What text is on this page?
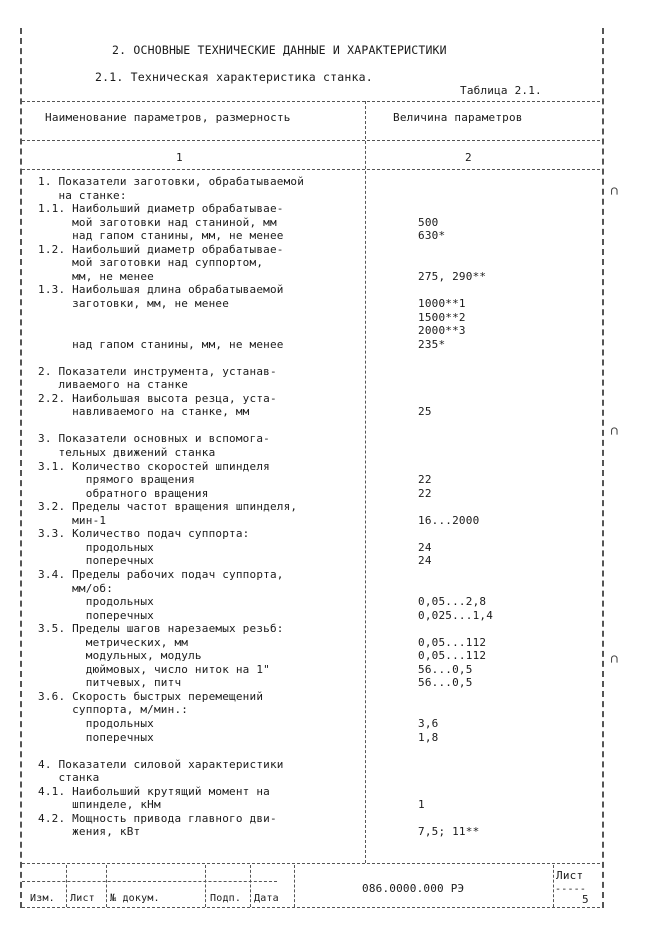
2. ОСНОВНЫЕ ТЕХНИЧЕСКИЕ ДАННЫЕ И ХАРАКТЕРИСТИКИ
2.1. Техническая характеристика станка.
Таблица 2.1.
Наименование параметров, размерность	Величина параметров
1	2
1. Показатели заготовки, обрабатываемой
на станке:
1.1. Наибольший диаметр обрабатывае-
мой заготовки над станиной, мм	500
над гапом станины, мм, не менее	630*
1.2. Наибольший диаметр обрабатывае-
мой заготовки над суппортом,
мм, не менее	275, 290**
1.3. Наибольшая длина обрабатываемой
заготовки, мм, не менее	1000**1
1500**2
2000**3
над гапом станины, мм, не менее	235*
2. Показатели инструмента, устанав-
ливаемого на станке
2.2. Наибольшая высота резца, уста-
навливаемого на станке, мм	25
3. Показатели основных и вспомога-
тельных движений станка
3.1. Количество скоростей шпинделя
прямого вращения	22
обратного вращения	22
3.2. Пределы частот вращения шпинделя,
мин-1	16...2000
3.3. Количество подач суппорта:
продольных	24
поперечных	24
3.4. Пределы рабочих подач суппорта,
мм/об:
продольных	0,05...2,8
поперечных	0,025...1,4
3.5. Пределы шагов нарезаемых резьб:
метрических, мм	0,05...112
модульных, модуль	0,05...112
дюймовых, число ниток на 1"	56...0,5
питчевых, питч	56...0,5
3.6. Скорость быстрых перемещений
суппорта, м/мин.:
продольных	3,6
поперечных	1,8
4. Показатели силовой характеристики
станка
4.1. Наибольший крутящий момент на
шпинделе, кНм	1
4.2. Мощность привода главного дви-
жения, кВт	7,5; 11**
-----
Лист
5
086.0000.000 РЭ
Изм. Лист № докум.	Подп. Дата
⊂
⊂
⊂
